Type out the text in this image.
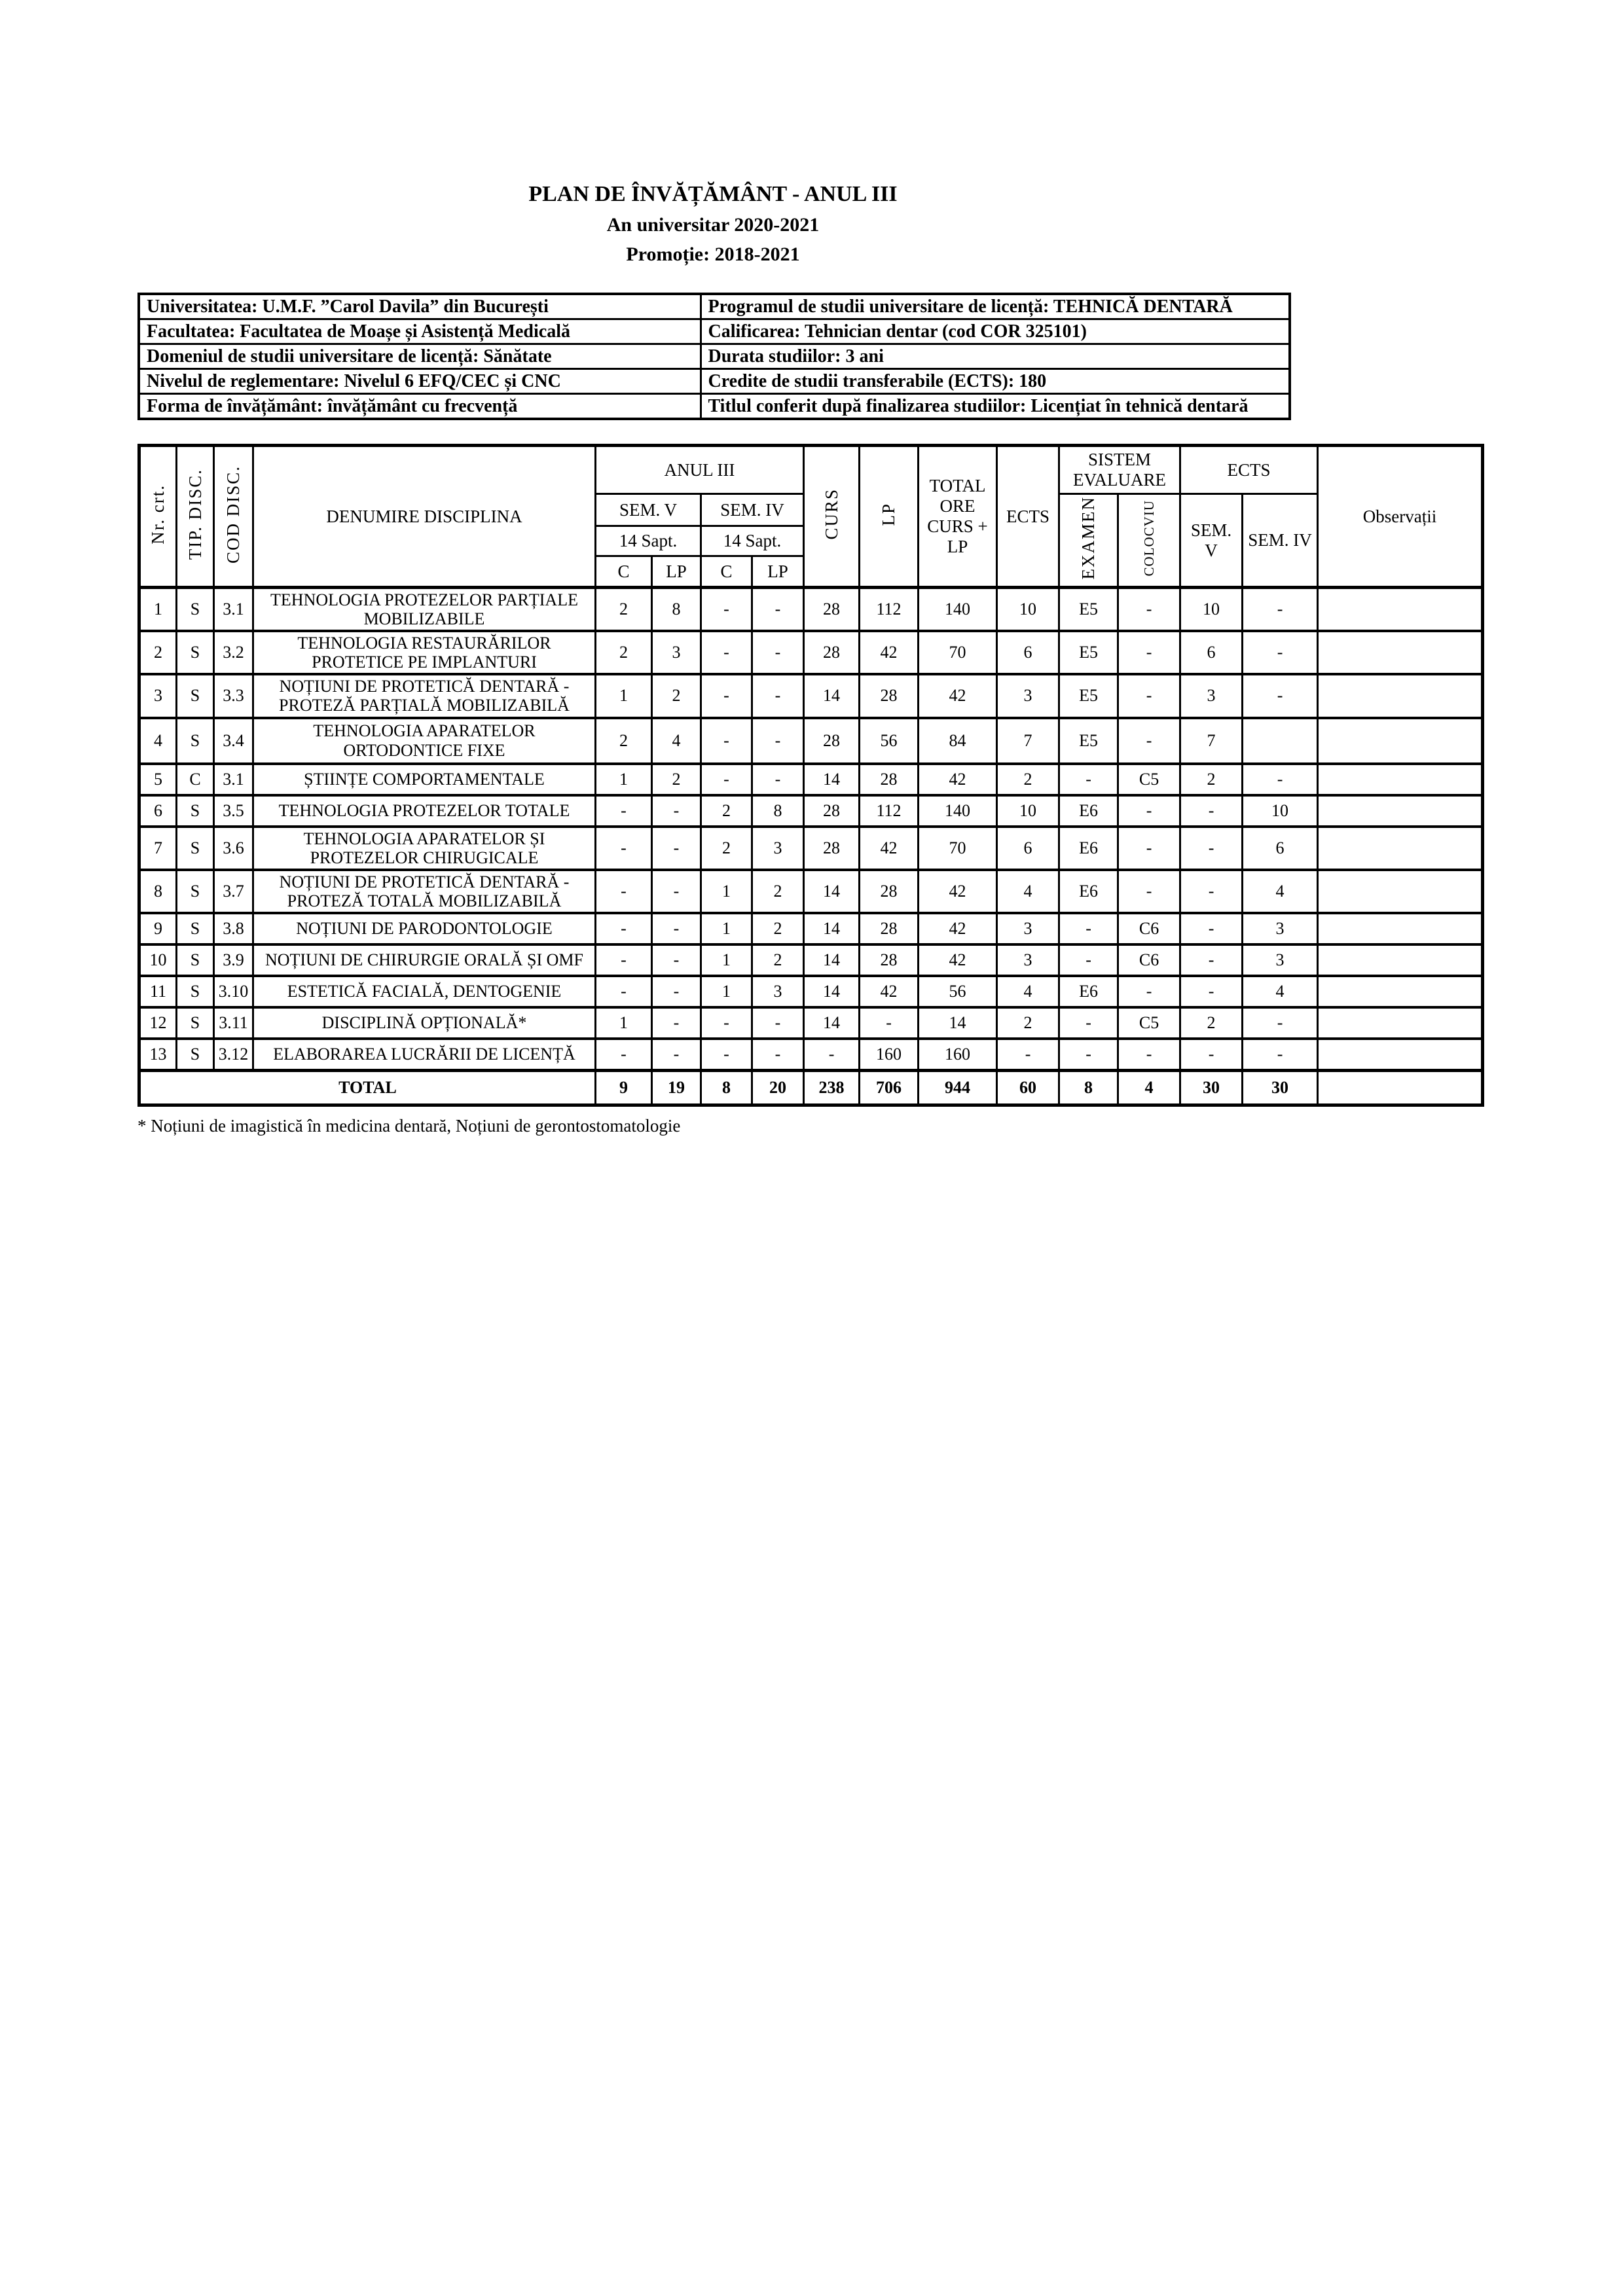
PLAN DE ÎNVĂȚĂMÂNT - ANUL III
An universitar 2020-2021
Promoție: 2018-2021
Universitatea: U.M.F. ”Carol Davila” din București	Programul de studii universitare de licență: TEHNICĂ DENTARĂ
Facultatea: Facultatea de Moașe și Asistență Medicală	Calificarea: Tehnician dentar (cod COR 325101)
Domeniul de studii universitare de licență: Sănătate	Durata studiilor: 3 ani
Nivelul de reglementare: Nivelul 6 EFQ/CEC și CNC	Credite de studii transferabile (ECTS): 180
Forma de învățământ: învățământ cu frecvență	Titlul conferit după finalizarea studiilor: Licențiat în tehnică dentară
Nr. crt.	TIP. DISC.	COD DISC.	DENUMIRE DISCIPLINA	ANUL III				CURS	LP	TOTAL ORE CURS + LP	ECTS	SISTEM EVALUARE		ECTS		Observații
				SEM. V		SEM. IV						EXAMEN	COLOCVIU	SEM. V	SEM. IV	
				14 Sapt.		14 Sapt.										
				C	LP	C	LP									
1	S	3.1	TEHNOLOGIA PROTEZELOR PARȚIALE MOBILIZABILE	2	8	-	-	28	112	140	10	E5	-	10	-	
2	S	3.2	TEHNOLOGIA RESTAURĂRILOR PROTETICE PE IMPLANTURI	2	3	-	-	28	42	70	6	E5	-	6	-	
3	S	3.3	NOȚIUNI DE PROTETICĂ DENTARĂ - PROTEZĂ PARȚIALĂ MOBILIZABILĂ	1	2	-	-	14	28	42	3	E5	-	3	-	
4	S	3.4	TEHNOLOGIA APARATELOR ORTODONTICE FIXE	2	4	-	-	28	56	84	7	E5	-	7		
5	C	3.1	ȘTIINȚE COMPORTAMENTALE	1	2	-	-	14	28	42	2	-	C5	2	-	
6	S	3.5	TEHNOLOGIA PROTEZELOR TOTALE	-	-	2	8	28	112	140	10	E6	-	-	10	
7	S	3.6	TEHNOLOGIA APARATELOR ȘI PROTEZELOR CHIRUGICALE	-	-	2	3	28	42	70	6	E6	-	-	6	
8	S	3.7	NOȚIUNI DE PROTETICĂ DENTARĂ - PROTEZĂ TOTALĂ MOBILIZABILĂ	-	-	1	2	14	28	42	4	E6	-	-	4	
9	S	3.8	NOȚIUNI DE PARODONTOLOGIE	-	-	1	2	14	28	42	3	-	C6	-	3	
10	S	3.9	NOȚIUNI DE CHIRURGIE ORALĂ ȘI OMF	-	-	1	2	14	28	42	3	-	C6	-	3	
11	S	3.10	ESTETICĂ FACIALĂ, DENTOGENIE	-	-	1	3	14	42	56	4	E6	-	-	4	
12	S	3.11	DISCIPLINĂ OPȚIONALĂ*	1	-	-	-	14	-	14	2	-	C5	2	-	
13	S	3.12	ELABORAREA LUCRĂRII DE LICENȚĂ	-	-	-	-	-	160	160	-	-	-	-	-	
TOTAL				9	19	8	20	238	706	944	60	8	4	30	30	
* Noțiuni de imagistică în medicina dentară, Noțiuni de gerontostomatologie
